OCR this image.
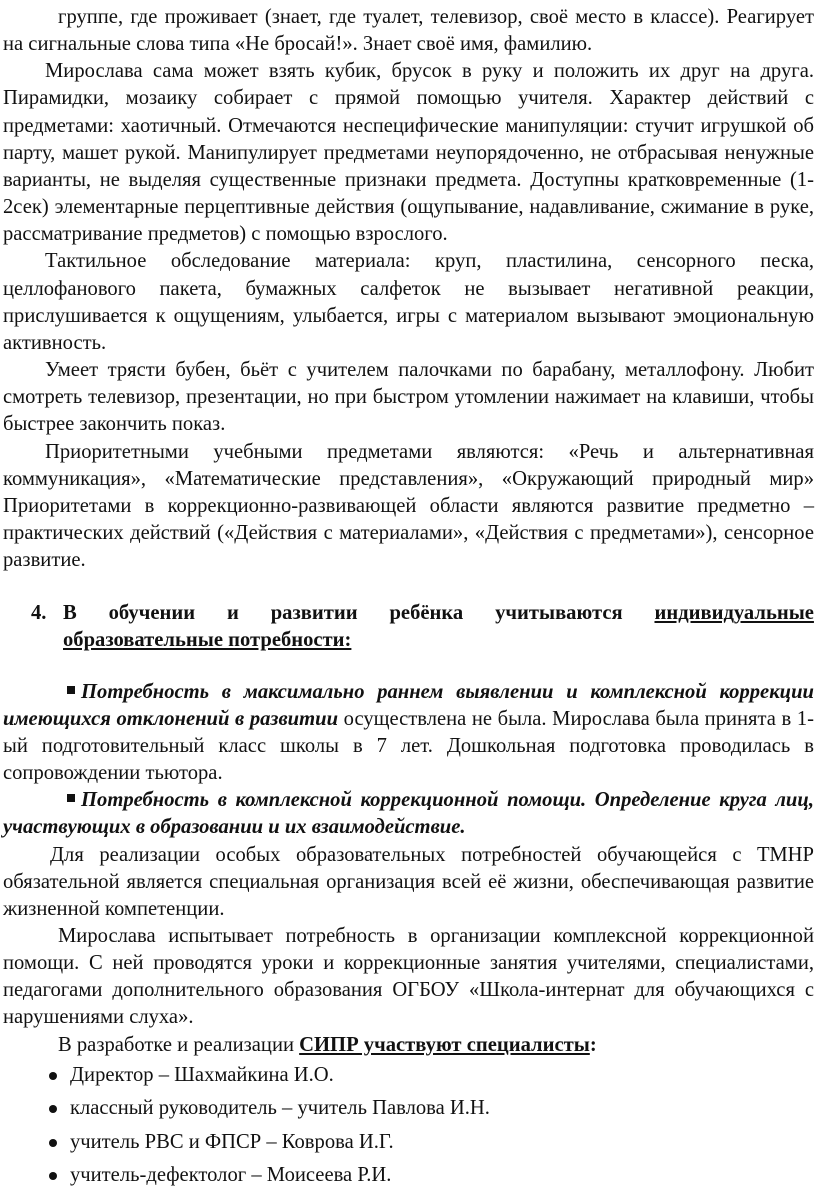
группе, где проживает (знает, где туалет, телевизор, своё место в классе). Реагирует на сигнальные слова типа «Не бросай!». Знает своё имя, фамилию.

Мирослава сама может взять кубик, брусок в руку и положить их друг на друга. Пирамидки, мозаику собирает с прямой помощью учителя. Характер действий с предметами: хаотичный. Отмечаются неспецифические манипуляции: стучит игрушкой об парту, машет рукой. Манипулирует предметами неупорядоченно, не отбрасывая ненужные варианты, не выделяя существенные признаки предмета. Доступны кратковременные (1-2сек) элементарные перцептивные действия (ощупывание, надавливание, сжимание в руке, рассматривание предметов) с помощью взрослого.

Тактильное обследование материала: круп, пластилина, сенсорного песка, целлофанового пакета, бумажных салфеток не вызывает негативной реакции, прислушивается к ощущениям, улыбается, игры с материалом вызывают эмоциональную активность.

Умеет трясти бубен, бьёт с учителем палочками по барабану, металлофону. Любит смотреть телевизор, презентации, но при быстром утомлении нажимает на клавиши, чтобы быстрее закончить показ.

Приоритетными учебными предметами являются: «Речь и альтернативная коммуникация», «Математические представления», «Окружающий природный мир» Приоритетами в коррекционно-развивающей области являются развитие предметно – практических действий («Действия с материалами», «Действия с предметами»), сенсорное развитие.

4. В обучении и развитии ребёнка учитываются индивидуальные
образовательные потребности:

Потребность в максимально раннем выявлении и комплексной коррекции имеющихся отклонений в развитии осуществлена не была. Мирослава была принята в 1-ый подготовительный класс школы в 7 лет. Дошкольная подготовка проводилась в сопровождении тьютора.

Потребность в комплексной коррекционной помощи. Определение круга лиц, участвующих в образовании и их взаимодействие.

Для реализации особых образовательных потребностей обучающейся с ТМНР обязательной является специальная организация всей её жизни, обеспечивающая развитие жизненной компетенции.

Мирослава испытывает потребность в организации комплексной коррекционной помощи. С ней проводятся уроки и коррекционные занятия учителями, специалистами, педагогами дополнительного образования ОГБОУ «Школа-интернат для обучающихся с нарушениями слуха».

В разработке и реализации СИПР участвуют специалисты:

Директор – Шахмайкина И.О.
классный руководитель – учитель Павлова И.Н.
учитель РВС и ФПСР – Коврова И.Г.
учитель-дефектолог – Моисеева Р.И.
